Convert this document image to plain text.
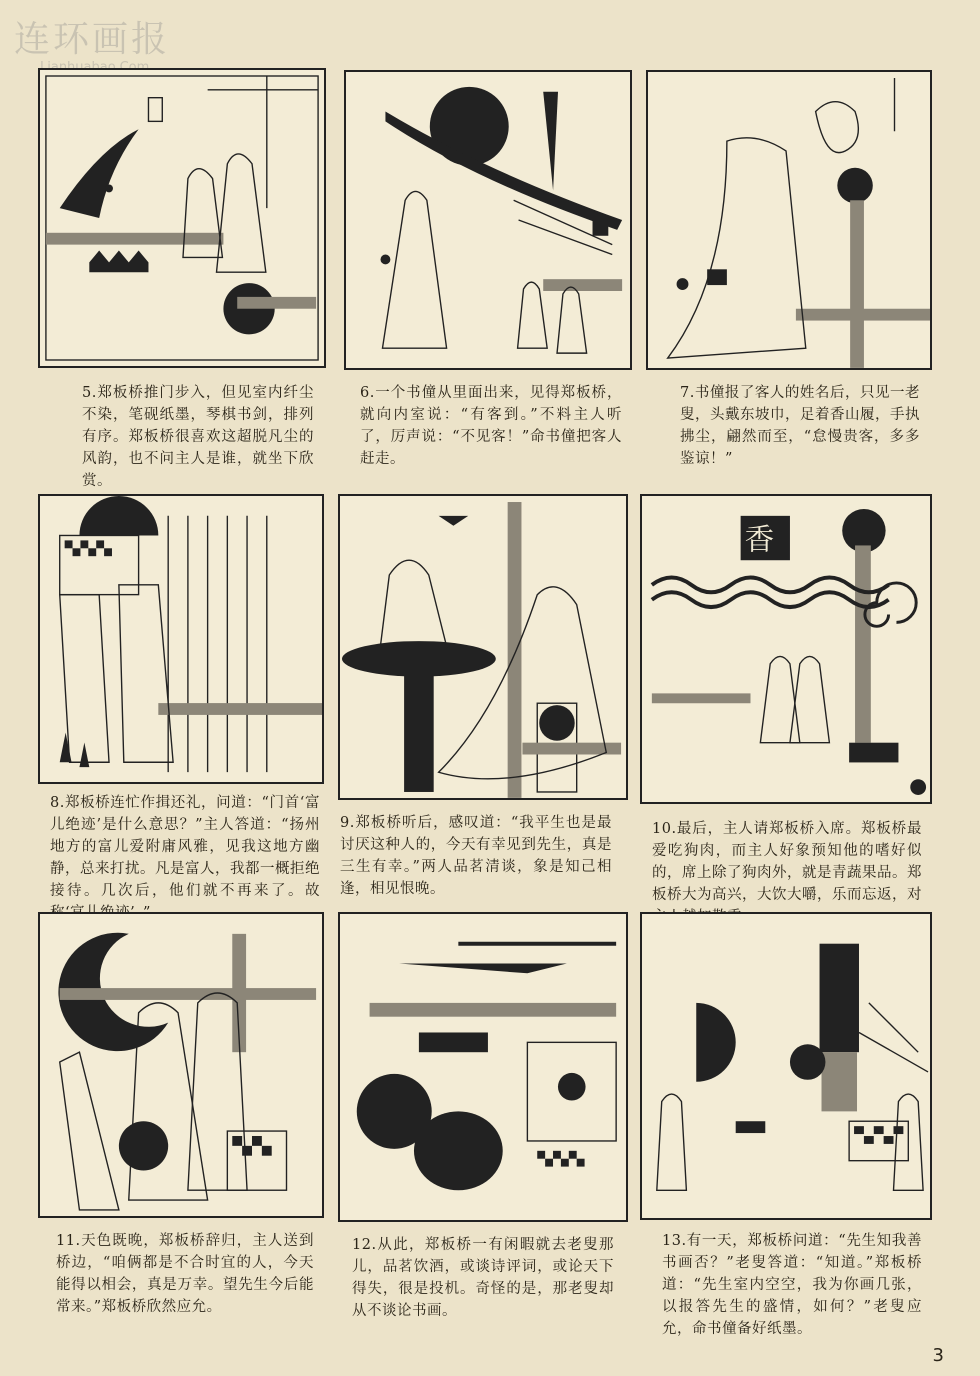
连环画报
5.郑板桥推门步入，但见室内纤尘不染，笔砚纸墨，琴棋书剑，排列有序。郑板桥很喜欢这超脱凡尘的风韵，也不问主人是谁，就坐下欣赏。
6.一个书僮从里面出来，见得郑板桥，就向内室说：“有客到。”不料主人听了，厉声说：“不见客！”命书僮把客人赶走。
7.书僮报了客人的姓名后，只见一老叟，头戴东坡巾，足着香山履，手执拂尘，翩然而至，“怠慢贵客，多多鉴谅！”
8.郑板桥连忙作揖还礼，问道：“门首‘富儿绝迹’是什么意思？”主人答道：“扬州地方的富儿爱附庸风雅，见我这地方幽静，总来打扰。凡是富人，我都一概拒绝接待。几次后，他们就不再来了。故
9.郑板桥听后，感叹道：“我平生也是最讨厌这种人的，今天有幸见到先生，真是三生有幸。”两人品茗清谈，象是知己相逢，相见恨晚。
香
10.最后，主人请郑板桥入席。郑板桥最爱吃狗肉，而主人好象预知他的嗜好似的，席上除了狗肉外，就是青蔬果品。郑板桥大为高兴，大饮大嚼，乐而忘返，对
11.天色既晚，郑板桥辞归，主人送到桥边，“咱俩都是不合时宜的人，今天能得以相会，真是万幸。望先生今后能常来。”郑板桥欣然应允。
12.从此，郑板桥一有闲暇就去老叟那儿，品茗饮酒，或谈诗评词，或论天下得失，很是投机。奇怪的是，那老叟却从不谈论书画。
13.有一天，郑板桥问道：“先生知我善书画否？”老叟答道：“知道。”郑板桥道：“先生室内空空，我为你画几张，以报答先生的盛情，如何？”老叟应允，命书僮备好纸墨。
3
